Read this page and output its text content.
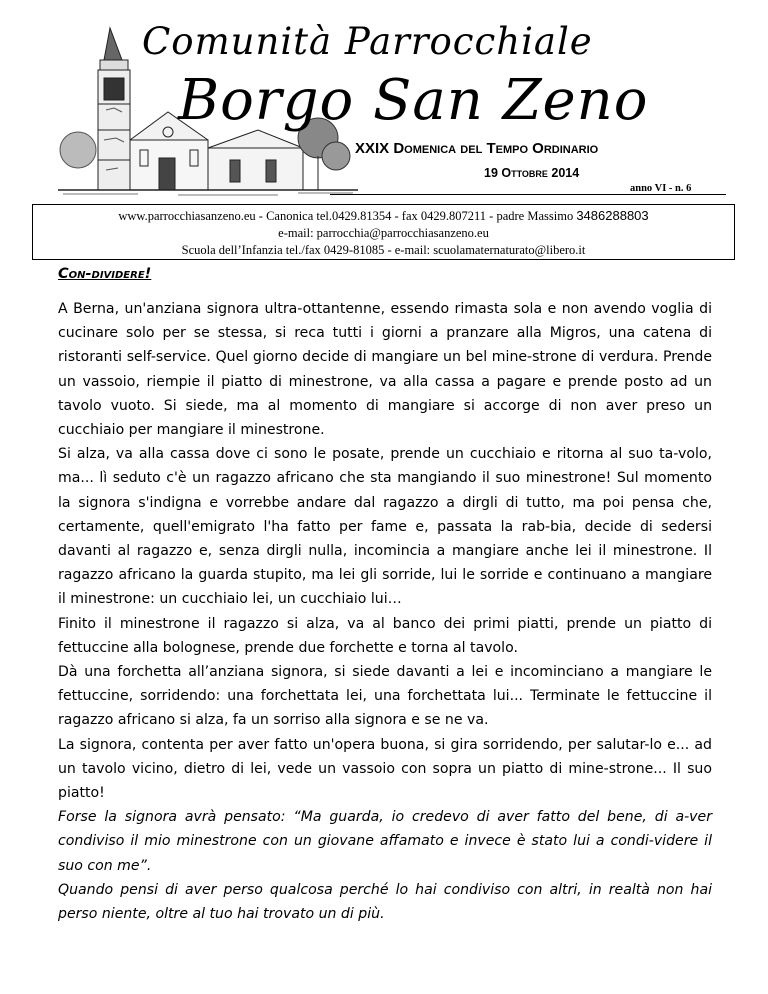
Comunità Parrocchiale
Borgo San Zeno
XXIX Domenica del Tempo Ordinario
19 Ottobre 2014
anno VI - n. 6
www.parrocchiasanzeno.eu - Canonica tel.0429.81354 - fax 0429.807211 - padre Massimo 3486288803
e-mail: parrocchia@parrocchiasanzeno.eu
Scuola dell’Infanzia tel./fax 0429-81085 - e-mail: scuolamaternaturato@libero.it
Con-dividere!

A Berna, un'anziana signora ultra-ottantenne, essendo rimasta sola e non avendo voglia di cucinare solo per se stessa, si reca tutti i giorni a pranzare alla Migros, una catena di ristoranti self-service. Quel giorno decide di mangiare un bel mine-strone di verdura. Prende un vassoio, riempie il piatto di minestrone, va alla cassa a pagare e prende posto ad un tavolo vuoto. Si siede, ma al momento di mangiare si accorge di non aver preso un cucchiaio per mangiare il minestrone.

Si alza, va alla cassa dove ci sono le posate, prende un cucchiaio e ritorna al suo ta-volo, ma... lì seduto c'è un ragazzo africano che sta mangiando il suo minestrone! Sul momento la signora s'indigna e vorrebbe andare dal ragazzo a dirgli di tutto, ma poi pensa che, certamente, quell'emigrato l'ha fatto per fame e, passata la rab-bia, decide di sedersi davanti al ragazzo e, senza dirgli nulla, incomincia a mangiare anche lei il minestrone. Il ragazzo africano la guarda stupito, ma lei gli sorride, lui le sorride e continuano a mangiare il minestrone: un cucchiaio lei, un cucchiaio lui…

Finito il minestrone il ragazzo si alza, va al banco dei primi piatti, prende un piatto di fettuccine alla bolognese, prende due forchette e torna al tavolo.

Dà una forchetta all’anziana signora, si siede davanti a lei e incominciano a mangiare le fettuccine, sorridendo: una forchettata lei, una forchettata lui... Terminate le fettuccine il ragazzo africano si alza, fa un sorriso alla signora e se ne va.

La signora, contenta per aver fatto un'opera buona, si gira sorridendo, per salutar-lo e... ad un tavolo vicino, dietro di lei, vede un vassoio con sopra un piatto di mine-strone... Il suo piatto!

Forse la signora avrà pensato: “Ma guarda, io credevo di aver fatto del bene, di a-ver condiviso il mio minestrone con un giovane affamato e invece è stato lui a condi-videre il suo con me”.

Quando pensi di aver perso qualcosa perché lo hai condiviso con altri, in realtà non hai perso niente, oltre al tuo hai trovato un di più.
